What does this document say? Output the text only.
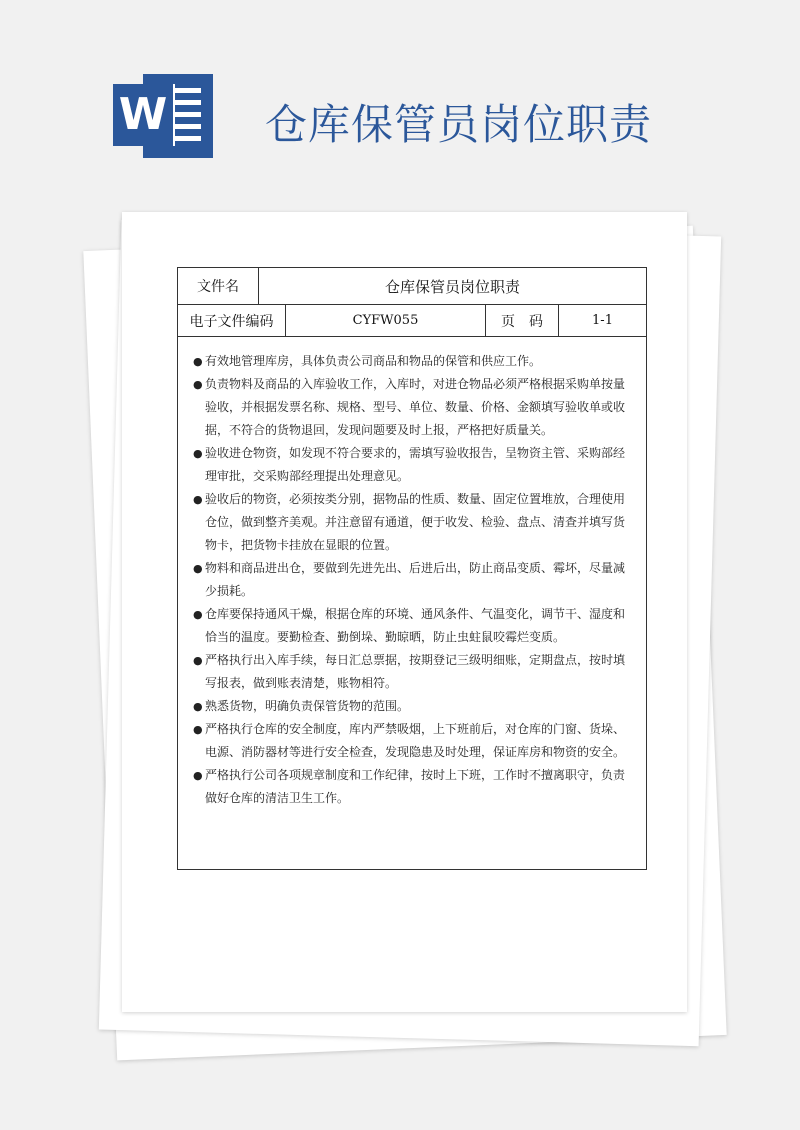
W 仓库保管员岗位职责
文件名	仓库保管员岗位职责
电子文件编码	CYFW055	页　码	1-1

● 有效地管理库房，具体负责公司商品和物品的保管和供应工作。

● 负责物料及商品的入库验收工作，入库时，对进仓物品必须严格根据采购单按量验收，并根据发票名称、规格、型号、单位、数量、价格、金额填写验收单或收据，不符合的货物退回，发现问题要及时上报，严格把好质量关。

● 验收进仓物资，如发现不符合要求的，需填写验收报告，呈物资主管、采购部经理审批，交采购部经理提出处理意见。

● 验收后的物资，必须按类分别，据物品的性质、数量、固定位置堆放，合理使用仓位，做到整齐美观。并注意留有通道，便于收发、检验、盘点、清查并填写货物卡，把货物卡挂放在显眼的位置。

● 物料和商品进出仓，要做到先进先出、后进后出，防止商品变质、霉坏，尽量减少损耗。

● 仓库要保持通风干燥，根据仓库的环境、通风条件、气温变化，调节干、湿度和恰当的温度。要勤检查、勤倒垛、勤晾晒，防止虫蛀鼠咬霉烂变质。

● 严格执行出入库手续，每日汇总票据，按期登记三级明细账，定期盘点，按时填写报表，做到账表清楚，账物相符。

● 熟悉货物，明确负责保管货物的范围。

● 严格执行仓库的安全制度，库内严禁吸烟，上下班前后，对仓库的门窗、货垛、电源、消防器材等进行安全检查，发现隐患及时处理，保证库房和物资的安全。

● 严格执行公司各项规章制度和工作纪律，按时上下班，工作时不擅离职守，负责做好仓库的清洁卫生工作。
